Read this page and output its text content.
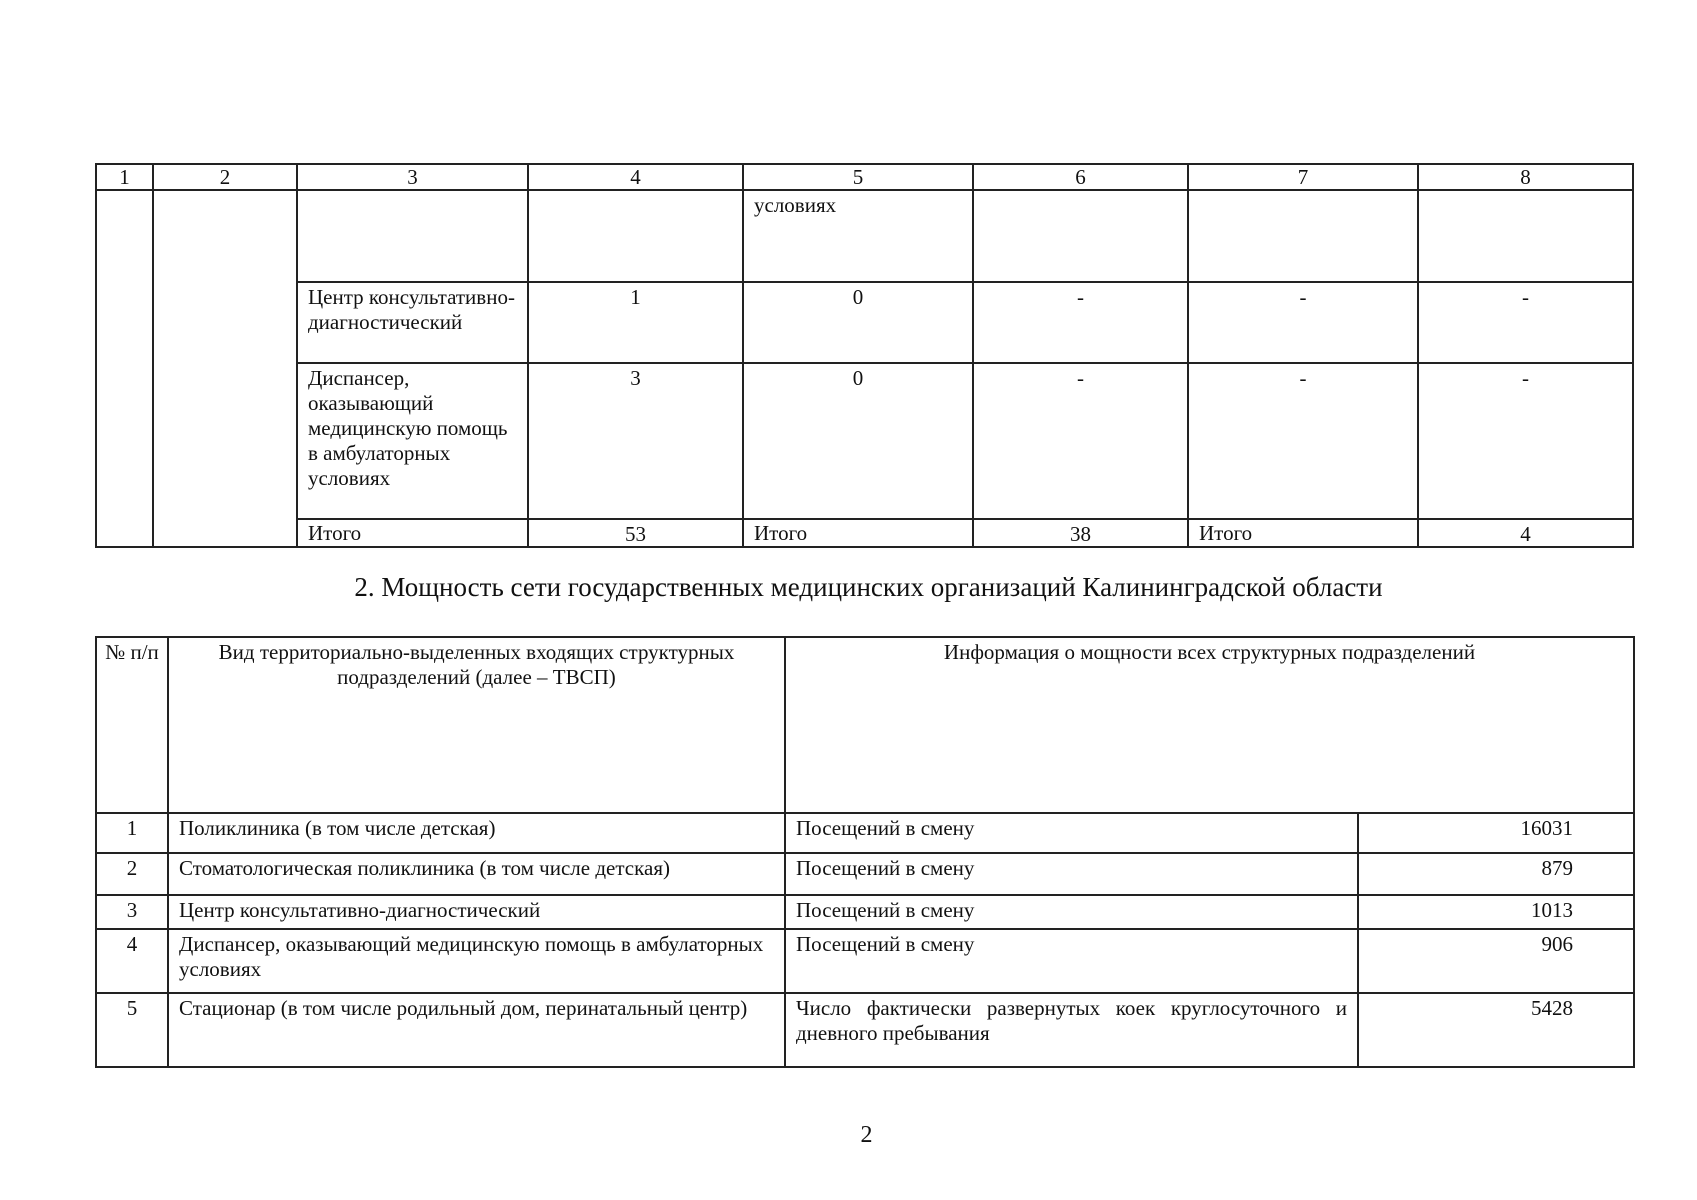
1	2	3	4	5	6	7	8
				условиях			
		Центр консультативно-диагностический	1	0	-	-	-
		Диспансер, оказывающий медицинскую помощь в амбулаторных условиях	3	0	-	-	-
		Итого	53	Итого	38	Итого	4
2. Мощность сети государственных медицинских организаций Калининградской области
№ п/п	Вид территориально-выделенных входящих структурных подразделений (далее – ТВСП)	Информация о мощности всех структурных подразделений	
1	Поликлиника (в том числе детская)	Посещений в смену	16031
2	Стоматологическая поликлиника (в том числе детская)	Посещений в смену	879
3	Центр консультативно-диагностический	Посещений в смену	1013
4	Диспансер, оказывающий медицинскую помощь в амбулаторных условиях	Посещений в смену	906
5	Стационар (в том числе родильный дом, перинатальный центр)	Число фактически развернутых коек круглосуточного и дневного пребывания	5428
2
